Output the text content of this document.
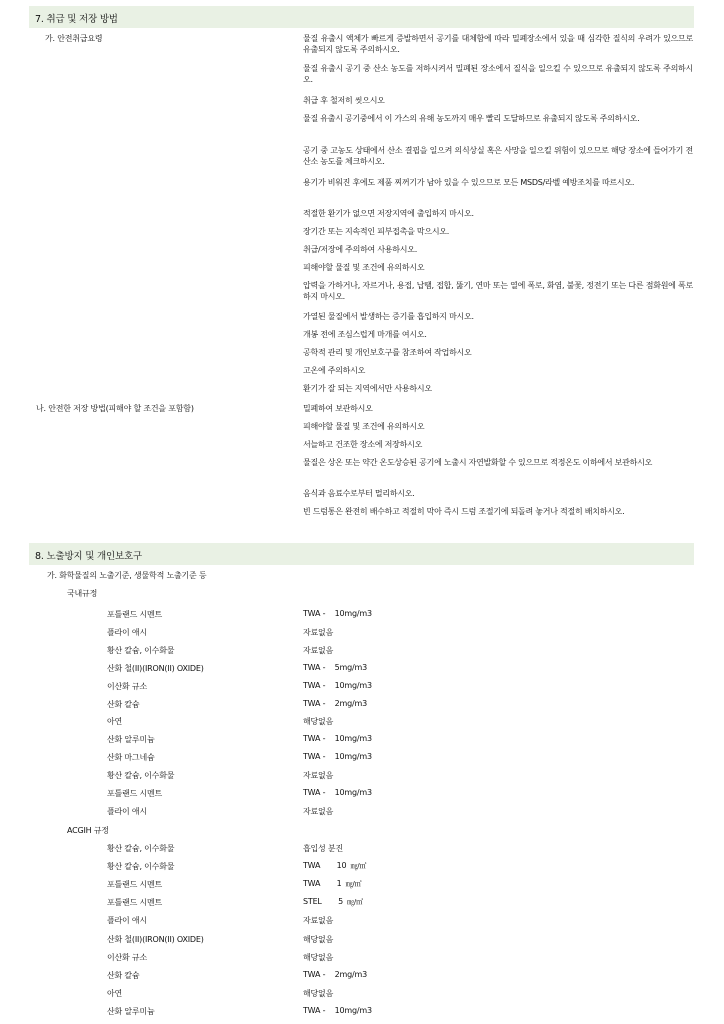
7. 취급 및 저장 방법
가. 안전취급요령	물질 유출시 액체가 빠르게 증발하면서 공기를 대체함에 따라 밀폐장소에서 있을 때 심각한 질식의 우려가 있으므로 유출되지 않도록 주의하시오.
물질 유출시 공기 중 산소 농도를 저하시켜서 밀폐된 장소에서 질식을 일으킬 수 있으므로 유출되지 않도록 주의하시오.
취급 후 철저히 씻으시오
물질 유출시 공기중에서 이 가스의 유해 농도까지 매우 빨리 도달하므로 유출되지 않도록 주의하시오.
공기 중 고농도 상태에서 산소 결핍을 일으켜 의식상실 혹은 사망을 일으킬 위험이 있으므로 해당 장소에 들어가기 전 산소 농도를 체크하시오.
용기가 비워진 후에도 제품 찌꺼기가 남아 있을 수 있으므로 모든 MSDS/라벨 예방조치를 따르시오.
적절한 환기가 없으면 저장지역에 출입하지 마시오.
장기간 또는 지속적인 피부접촉을 막으시오.
취급/저장에 주의하여 사용하시오.
피해야할 물질 및 조건에 유의하시오
압력을 가하거나, 자르거나, 용접, 납땜, 접합, 뚫기, 연마 또는 열에 폭로, 화염, 불꽃, 정전기 또는 다른 점화원에 폭로하지 마시오.
가열된 물질에서 발생하는 증기를 흡입하지 마시오.
개봉 전에 조심스럽게 마개를 여시오.
공학적 관리 및 개인보호구를 참조하여 작업하시오
고온에 주의하시오
환기가 잘 되는 지역에서만 사용하시오
나. 안전한 저장 방법(피해야 할 조건을 포함함)	밀폐하여 보관하시오
피해야할 물질 및 조건에 유의하시오
서늘하고 건조한 장소에 저장하시오
물질은 상온 또는 약간 온도상승된 공기에 노출시 자연발화할 수 있으므로 적정온도 이하에서 보관하시오
음식과 음료수로부터 멀리하시오.
빈 드럼통은 완전히 배수하고 적절히 막아 즉시 드럼 조절기에 되돌려 놓거나 적절히 배치하시오.
8. 노출방지 및 개인보호구
가. 화학물질의 노출기준, 생물학적 노출기준 등
국내규정
포틀랜드 시멘트	TWA -    10mg/m3
플라이 애시	자료없음
황산 칼슘, 이수화물	자료없음
산화 철(II)(IRON(II) OXIDE)	TWA -    5mg/m3
이산화 규소	TWA -    10mg/m3
산화 칼슘	TWA -    2mg/m3
아연	해당없음
산화 알루미늄	TWA -    10mg/m3
산화 마그네슘	TWA -    10mg/m3
황산 칼슘, 이수화물	자료없음
포틀랜드 시멘트	TWA -    10mg/m3
플라이 애시	자료없음
ACGIH 규정
황산 칼슘, 이수화물	흡입성 분진
황산 칼슘, 이수화물	TWA       10  ㎎/㎥
포틀랜드 시멘트	TWA       1  ㎎/㎥
포틀랜드 시멘트	STEL       5  ㎎/㎥
플라이 애시	자료없음
산화 철(II)(IRON(II) OXIDE)	해당없음
이산화 규소	해당없음
산화 칼슘	TWA -    2mg/m3
아연	해당없음
산화 알루미늄	TWA -    10mg/m3
